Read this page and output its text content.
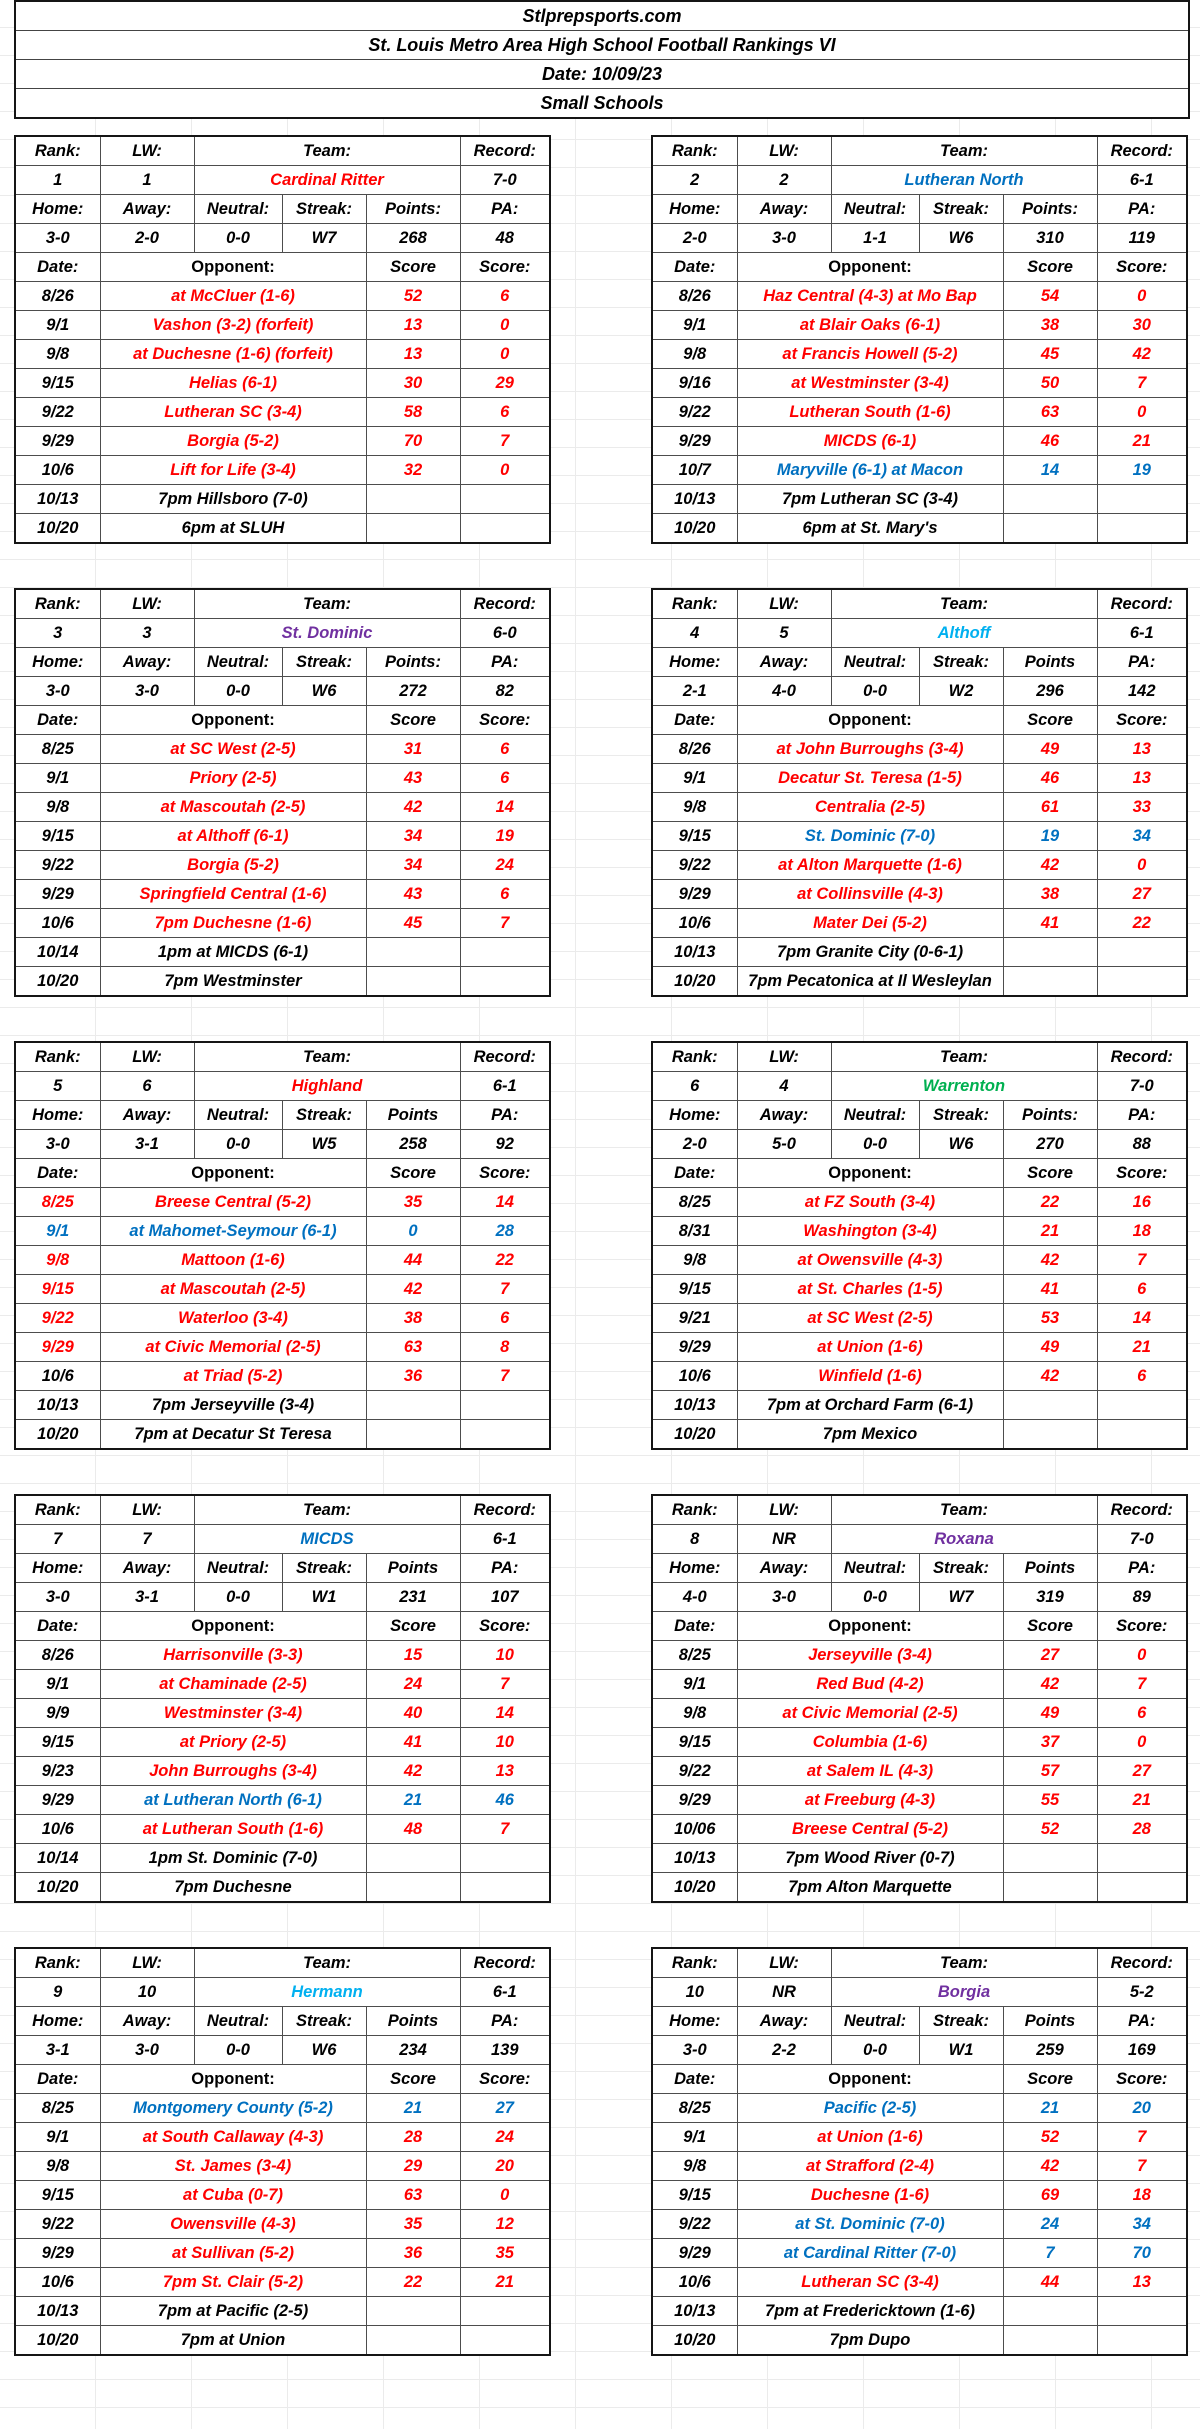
Stlprepsports.com
St. Louis Metro Area High School Football Rankings VI
Date: 10/09/23
Small Schools
Rank:	LW:	Team:			Record:
1	1	Cardinal Ritter			7-0
Home:	Away:	Neutral:	Streak:	Points:	PA:
3-0	2-0	0-0	W7	268	48
Date:	Opponent:			Score	Score:
8/26	at McCluer (1-6)			52	6
9/1	Vashon (3-2) (forfeit)			13	0
9/8	at Duchesne (1-6) (forfeit)			13	0
9/15	Helias (6-1)			30	29
9/22	Lutheran SC (3-4)			58	6
9/29	Borgia (5-2)			70	7
10/6	Lift for Life (3-4)			32	0
10/13	7pm Hillsboro (7-0)				
10/20	6pm at SLUH				
Rank:	LW:	Team:			Record:
3	3	St. Dominic			6-0
Home:	Away:	Neutral:	Streak:	Points:	PA:
3-0	3-0	0-0	W6	272	82
Date:	Opponent:			Score	Score:
8/25	at SC West (2-5)			31	6
9/1	Priory (2-5)			43	6
9/8	at Mascoutah (2-5)			42	14
9/15	at Althoff (6-1)			34	19
9/22	Borgia (5-2)			34	24
9/29	Springfield Central (1-6)			43	6
10/6	7pm Duchesne (1-6)			45	7
10/14	1pm at MICDS (6-1)				
10/20	7pm Westminster				
Rank:	LW:	Team:			Record:
5	6	Highland			6-1
Home:	Away:	Neutral:	Streak:	Points	PA:
3-0	3-1	0-0	W5	258	92
Date:	Opponent:			Score	Score:
8/25	Breese Central (5-2)			35	14
9/1	at Mahomet-Seymour (6-1)			0	28
9/8	Mattoon (1-6)			44	22
9/15	at Mascoutah (2-5)			42	7
9/22	Waterloo (3-4)			38	6
9/29	at Civic Memorial (2-5)			63	8
10/6	at Triad (5-2)			36	7
10/13	7pm Jerseyville (3-4)				
10/20	7pm at Decatur St Teresa				
Rank:	LW:	Team:			Record:
7	7	MICDS			6-1
Home:	Away:	Neutral:	Streak:	Points	PA:
3-0	3-1	0-0	W1	231	107
Date:	Opponent:			Score	Score:
8/26	Harrisonville (3-3)			15	10
9/1	at Chaminade (2-5)			24	7
9/9	Westminster (3-4)			40	14
9/15	at Priory (2-5)			41	10
9/23	John Burroughs (3-4)			42	13
9/29	at Lutheran North (6-1)			21	46
10/6	at Lutheran South (1-6)			48	7
10/14	1pm St. Dominic (7-0)				
10/20	7pm Duchesne				
Rank:	LW:	Team:			Record:
9	10	Hermann			6-1
Home:	Away:	Neutral:	Streak:	Points	PA:
3-1	3-0	0-0	W6	234	139
Date:	Opponent:			Score	Score:
8/25	Montgomery County (5-2)			21	27
9/1	at South Callaway (4-3)			28	24
9/8	St. James (3-4)			29	20
9/15	at Cuba (0-7)			63	0
9/22	Owensville (4-3)			35	12
9/29	at Sullivan (5-2)			36	35
10/6	7pm St. Clair (5-2)			22	21
10/13	7pm at Pacific (2-5)				
10/20	7pm at Union				
Rank:	LW:	Team:			Record:
2	2	Lutheran North			6-1
Home:	Away:	Neutral:	Streak:	Points:	PA:
2-0	3-0	1-1	W6	310	119
Date:	Opponent:			Score	Score:
8/26	Haz Central (4-3) at Mo Bap			54	0
9/1	at Blair Oaks (6-1)			38	30
9/8	at Francis Howell (5-2)			45	42
9/16	at Westminster (3-4)			50	7
9/22	Lutheran South (1-6)			63	0
9/29	MICDS (6-1)			46	21
10/7	Maryville (6-1) at Macon			14	19
10/13	7pm Lutheran SC (3-4)				
10/20	6pm at St. Mary's				
Rank:	LW:	Team:			Record:
4	5	Althoff			6-1
Home:	Away:	Neutral:	Streak:	Points	PA:
2-1	4-0	0-0	W2	296	142
Date:	Opponent:			Score	Score:
8/26	at John Burroughs (3-4)			49	13
9/1	Decatur St. Teresa (1-5)			46	13
9/8	Centralia (2-5)			61	33
9/15	St. Dominic (7-0)			19	34
9/22	at Alton Marquette (1-6)			42	0
9/29	at Collinsville (4-3)			38	27
10/6	Mater Dei (5-2)			41	22
10/13	7pm Granite City (0-6-1)				
10/20	7pm Pecatonica at Il Wesleylan				
Rank:	LW:	Team:			Record:
6	4	Warrenton			7-0
Home:	Away:	Neutral:	Streak:	Points:	PA:
2-0	5-0	0-0	W6	270	88
Date:	Opponent:			Score	Score:
8/25	at FZ South (3-4)			22	16
8/31	Washington (3-4)			21	18
9/8	at Owensville (4-3)			42	7
9/15	at St. Charles (1-5)			41	6
9/21	at SC West (2-5)			53	14
9/29	at Union (1-6)			49	21
10/6	Winfield (1-6)			42	6
10/13	7pm at Orchard Farm (6-1)				
10/20	7pm Mexico				
Rank:	LW:	Team:			Record:
8	NR	Roxana			7-0
Home:	Away:	Neutral:	Streak:	Points	PA:
4-0	3-0	0-0	W7	319	89
Date:	Opponent:			Score	Score:
8/25	Jerseyville (3-4)			27	0
9/1	Red Bud (4-2)			42	7
9/8	at Civic Memorial (2-5)			49	6
9/15	Columbia (1-6)			37	0
9/22	at Salem IL (4-3)			57	27
9/29	at Freeburg (4-3)			55	21
10/06	Breese Central (5-2)			52	28
10/13	7pm Wood River (0-7)				
10/20	7pm Alton Marquette				
Rank:	LW:	Team:			Record:
10	NR	Borgia			5-2
Home:	Away:	Neutral:	Streak:	Points	PA:
3-0	2-2	0-0	W1	259	169
Date:	Opponent:			Score	Score:
8/25	Pacific (2-5)			21	20
9/1	at Union (1-6)			52	7
9/8	at Strafford (2-4)			42	7
9/15	Duchesne (1-6)			69	18
9/22	at St. Dominic (7-0)			24	34
9/29	at Cardinal Ritter (7-0)			7	70
10/6	Lutheran SC (3-4)			44	13
10/13	7pm at Fredericktown (1-6)				
10/20	7pm Dupo				
